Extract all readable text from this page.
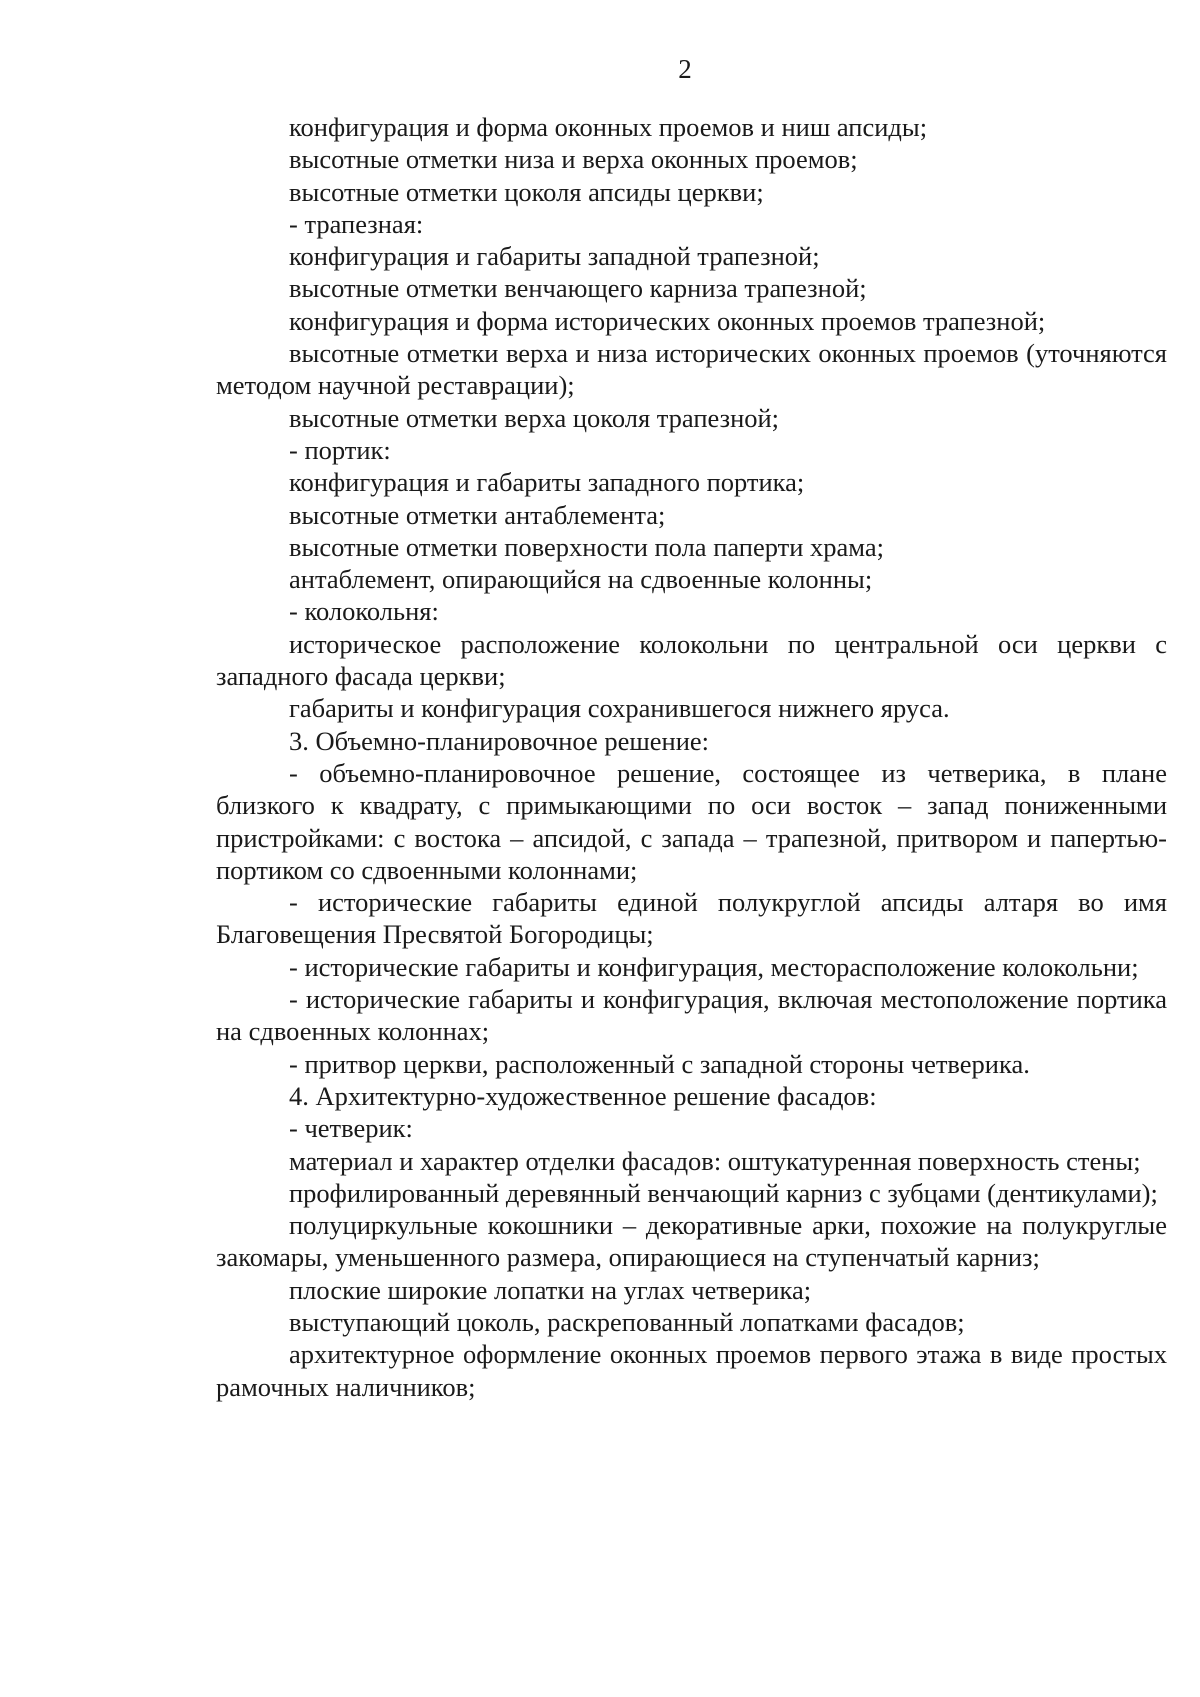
2

конфигурация и форма оконных проемов и ниш апсиды;

высотные отметки низа и верха оконных проемов;

высотные отметки цоколя апсиды церкви;

- трапезная:

конфигурация и габариты западной трапезной;

высотные отметки венчающего карниза трапезной;

конфигурация и форма исторических оконных проемов трапезной;

высотные отметки верха и низа исторических оконных проемов (уточняются методом научной реставрации);

высотные отметки верха цоколя трапезной;

- портик:

конфигурация и габариты западного портика;

высотные отметки антаблемента;

высотные отметки поверхности пола паперти храма;

антаблемент, опирающийся на сдвоенные колонны;

- колокольня:

историческое расположение колокольни по центральной оси церкви с западного фасада церкви;

габариты и конфигурация сохранившегося нижнего яруса.

3. Объемно-планировочное решение:

- объемно-планировочное решение, состоящее из четверика, в плане близкого к квадрату, с примыкающими по оси восток – запад пониженными пристройками: с востока – апсидой, с запада – трапезной, притвором и папертью-портиком со сдвоенными колоннами;

- исторические габариты единой полукруглой апсиды алтаря во имя Благовещения Пресвятой Богородицы;

- исторические габариты и конфигурация, месторасположение колокольни;

- исторические габариты и конфигурация, включая местоположение портика на сдвоенных колоннах;

- притвор церкви, расположенный с западной стороны четверика.

4. Архитектурно-художественное решение фасадов:

- четверик:

материал и характер отделки фасадов: оштукатуренная поверхность стены;

профилированный деревянный венчающий карниз с зубцами (дентикулами);

полуциркульные кокошники – декоративные арки, похожие на полукруглые закомары, уменьшенного размера, опирающиеся на ступенчатый карниз;

плоские широкие лопатки на углах четверика;

выступающий цоколь, раскрепованный лопатками фасадов;

архитектурное оформление оконных проемов первого этажа в виде простых рамочных наличников;
